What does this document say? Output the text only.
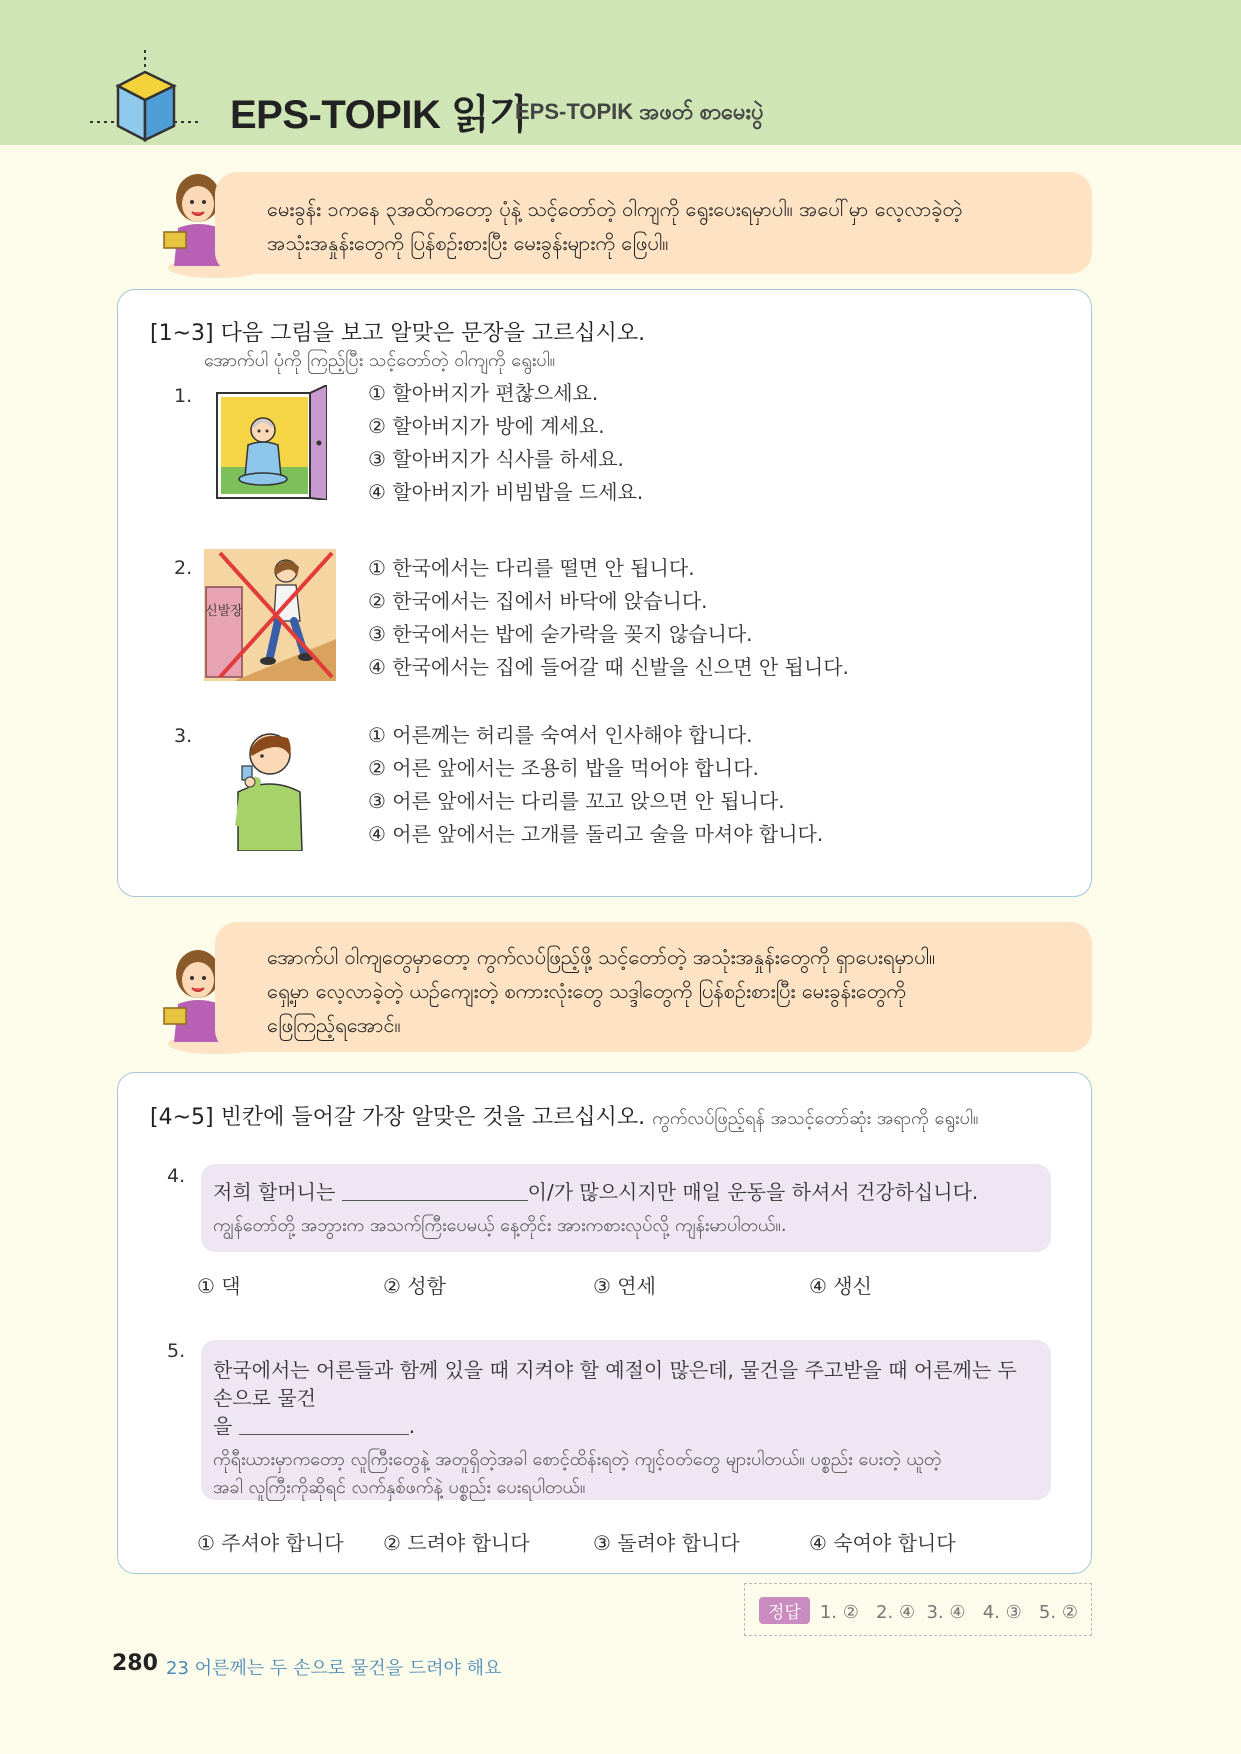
EPS-TOPIK 읽기
EPS-TOPIK အဖတ် စာမေးပွဲ
မေးခွန်း ၁ကနေ ၃အထိကတော့ ပုံနဲ့ သင့်တော်တဲ့ ဝါကျကို ရွေးပေးရမှာပါ။ အပေါ်မှာ လေ့လာခဲ့တဲ့
အသုံးအနှုန်းတွေကို ပြန်စဉ်းစားပြီး မေးခွန်းများကို ဖြေပါ။
[1~3] 다음 그림을 보고 알맞은 문장을 고르십시오.
အောက်ပါ ပုံကို ကြည့်ပြီး သင့်တော်တဲ့ ဝါကျကို ရွေးပါ။
1.	① 할아버지가 편찮으세요.
② 할아버지가 방에 계세요.
③ 할아버지가 식사를 하세요.
④ 할아버지가 비빔밥을 드세요.
2.
신발장
① 한국에서는 다리를 떨면 안 됩니다.
② 한국에서는 집에서 바닥에 앉습니다.
③ 한국에서는 밥에 숟가락을 꽂지 않습니다.
④ 한국에서는 집에 들어갈 때 신발을 신으면 안 됩니다.
3.	① 어른께는 허리를 숙여서 인사해야 합니다.
② 어른 앞에서는 조용히 밥을 먹어야 합니다.
③ 어른 앞에서는 다리를 꼬고 앉으면 안 됩니다.
④ 어른 앞에서는 고개를 돌리고 술을 마셔야 합니다.
အောက်ပါ ဝါကျတွေမှာတော့ ကွက်လပ်ဖြည့်ဖို့ သင့်တော်တဲ့ အသုံးအနှုန်းတွေကို ရှာပေးရမှာပါ။
ရှေ့မှာ လေ့လာခဲ့တဲ့ ယဉ်ကျေးတဲ့ စကားလုံးတွေ သဒ္ဒါတွေကို ပြန်စဉ်းစားပြီး မေးခွန်းတွေကို
ဖြေကြည့်ရအောင်။
[4~5] 빈칸에 들어갈 가장 알맞은 것을 고르십시오. ကွက်လပ်ဖြည့်ရန် အသင့်တော်ဆုံး အရာကို ရွေးပါ။
4.
저희 할머니는	이/가 많으시지만 매일 운동을 하셔서 건강하십니다.
ကျွန်တော်တို့ အဘွားက အသက်ကြီးပေမယ့် နေ့တိုင်း အားကစားလုပ်လို့ ကျန်းမာပါတယ်။.
① 댁	② 성함	③ 연세	④ 생신
5.
한국에서는 어른들과 함께 있을 때 지켜야 할 예절이 많은데, 물건을 주고받을 때 어른께는 두 손으로 물건
을	.
ကိုရီးယားမှာကတော့ လူကြီးတွေနဲ့ အတူရှိတဲ့အခါ စောင့်ထိန်းရတဲ့ ကျင့်ဝတ်တွေ များပါတယ်။ ပစ္စည်း ပေးတဲ့ ယူတဲ့
အခါ လူကြီးကိုဆိုရင် လက်နှစ်ဖက်နဲ့ ပစ္စည်း ပေးရပါတယ်။
① 주셔야 합니다 ② 드려야 합니다	③ 돌려야 합니다	④ 숙여야 합니다
정답 1. ②   2. ④  3. ④   4. ③   5. ②
280 23 어른께는 두 손으로 물건을 드려야 해요
